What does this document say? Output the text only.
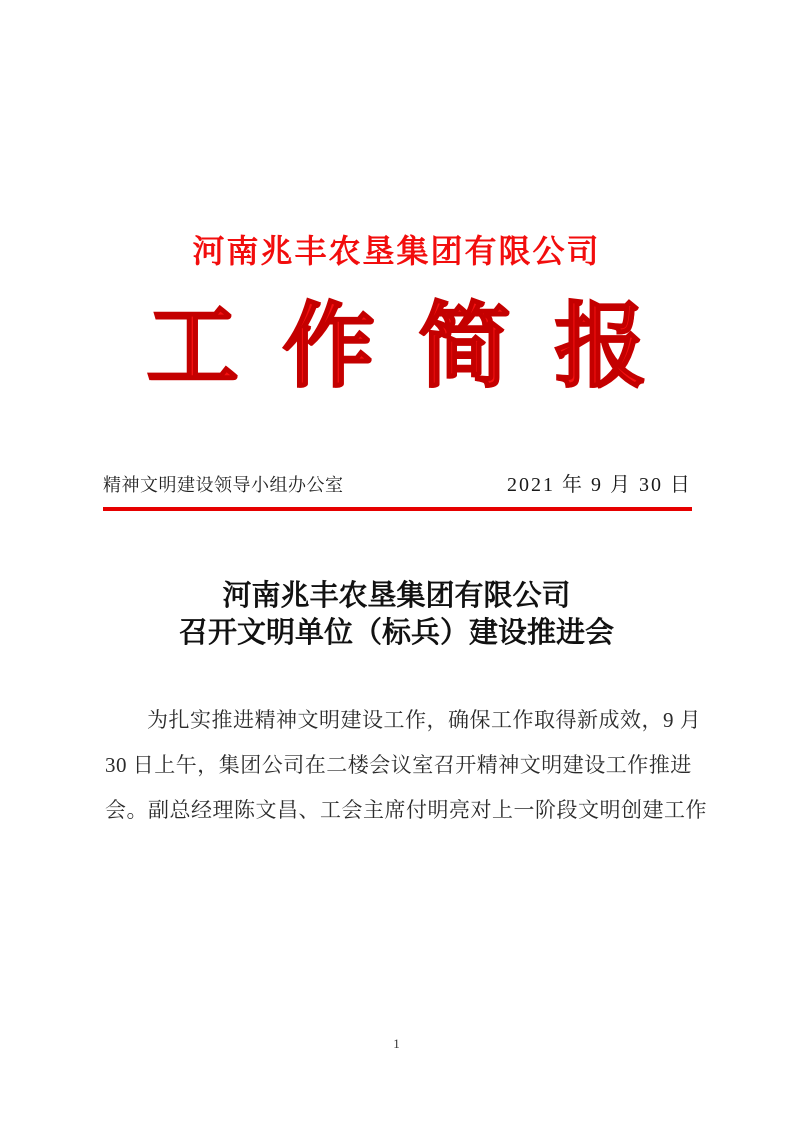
河南兆丰农垦集团有限公司
工作简报
精神文明建设领导小组办公室	2021 年 9 月 30 日
河南兆丰农垦集团有限公司
召开文明单位（标兵）建设推进会
为扎实推进精神文明建设工作，确保工作取得新成效，9 月
30 日上午，集团公司在二楼会议室召开精神文明建设工作推进
会。副总经理陈文昌、工会主席付明亮对上一阶段文明创建工作
1
